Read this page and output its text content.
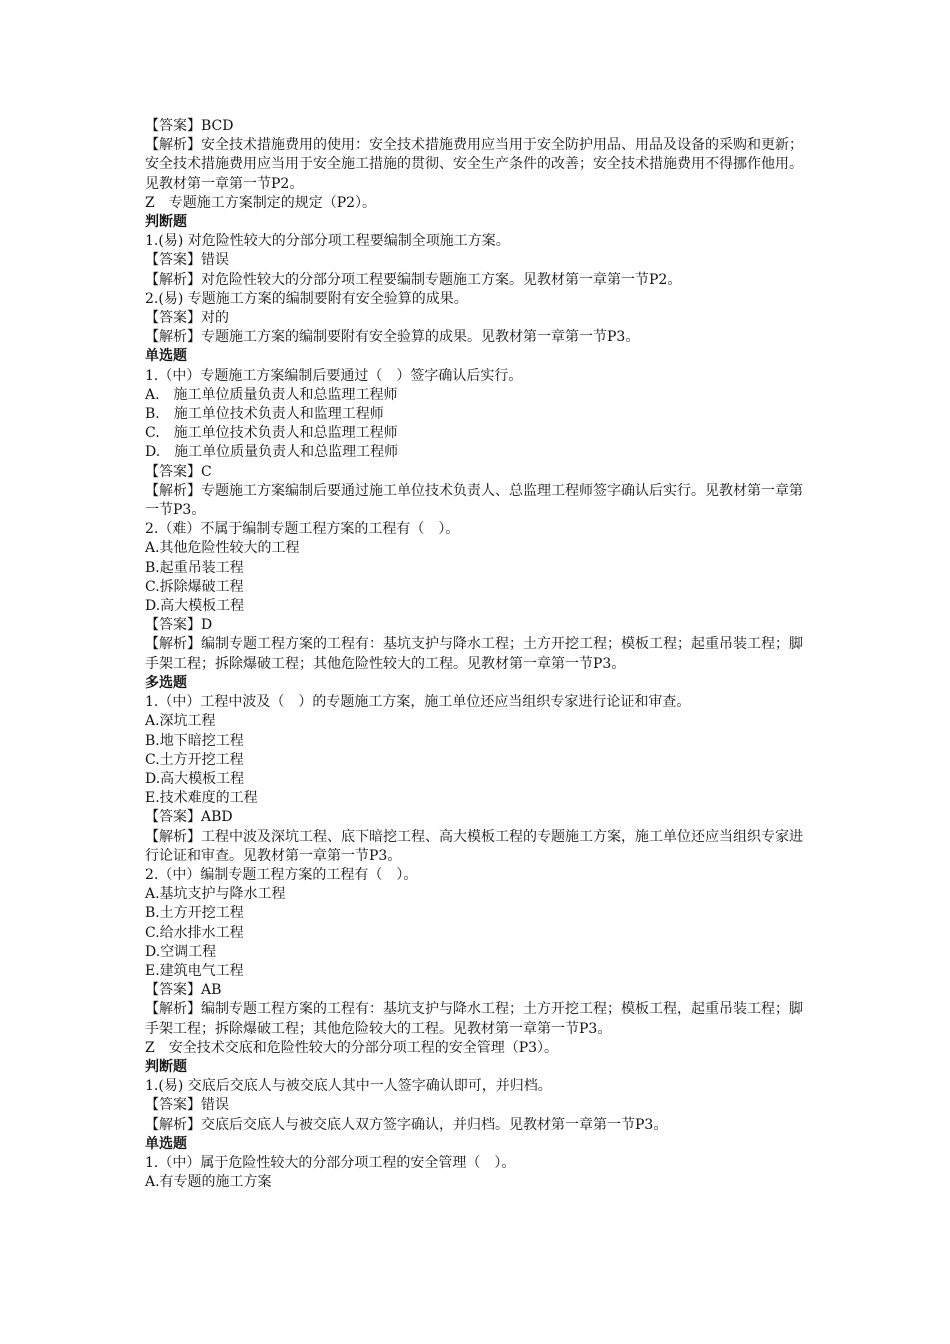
【答案】BCD
【解析】安全技术措施费用的使用：安全技术措施费用应当用于安全防护用品、用品及设备的采购和更新；安全技术措施费用应当用于安全施工措施的贯彻、安全生产条件的改善；安全技术措施费用不得挪作他用。见教材第一章第一节P2。
Z　专题施工方案制定的规定（P2）。
判断题
1.(易) 对危险性较大的分部分项工程要编制全项施工方案。
【答案】错误
【解析】对危险性较大的分部分项工程要编制专题施工方案。见教材第一章第一节P2。
2.(易) 专题施工方案的编制要附有安全验算的成果。
【答案】对的
【解析】专题施工方案的编制要附有安全验算的成果。见教材第一章第一节P3。
单选题
1.（中）专题施工方案编制后要通过（　）签字确认后实行。
A.　施工单位质量负责人和总监理工程师
B.　施工单位技术负责人和监理工程师
C.　施工单位技术负责人和总监理工程师
D.　施工单位质量负责人和总监理工程师
【答案】C
【解析】专题施工方案编制后要通过施工单位技术负责人、总监理工程师签字确认后实行。见教材第一章第一节P3。
2.（难）不属于编制专题工程方案的工程有（　）。
A.其他危险性较大的工程
B.起重吊装工程
C.拆除爆破工程
D.高大模板工程
【答案】D
【解析】编制专题工程方案的工程有：基坑支护与降水工程；土方开挖工程；模板工程；起重吊装工程；脚手架工程；拆除爆破工程；其他危险性较大的工程。见教材第一章第一节P3。
多选题
1.（中）工程中波及（　）的专题施工方案，施工单位还应当组织专家进行论证和审查。
A.深坑工程
B.地下暗挖工程
C.土方开挖工程
D.高大模板工程
E.技术难度的工程
【答案】ABD
【解析】工程中波及深坑工程、底下暗挖工程、高大模板工程的专题施工方案，施工单位还应当组织专家进行论证和审查。见教材第一章第一节P3。
2.（中）编制专题工程方案的工程有（　）。
A.基坑支护与降水工程
B.土方开挖工程
C.给水排水工程
D.空调工程
E.建筑电气工程
【答案】AB
【解析】编制专题工程方案的工程有：基坑支护与降水工程；土方开挖工程；模板工程，起重吊装工程；脚手架工程；拆除爆破工程；其他危险较大的工程。见教材第一章第一节P3。
Z　安全技术交底和危险性较大的分部分项工程的安全管理（P3）。
判断题
1.(易) 交底后交底人与被交底人其中一人签字确认即可，并归档。
【答案】错误
【解析】交底后交底人与被交底人双方签字确认，并归档。见教材第一章第一节P3。
单选题
1.（中）属于危险性较大的分部分项工程的安全管理（　）。
A.有专题的施工方案
